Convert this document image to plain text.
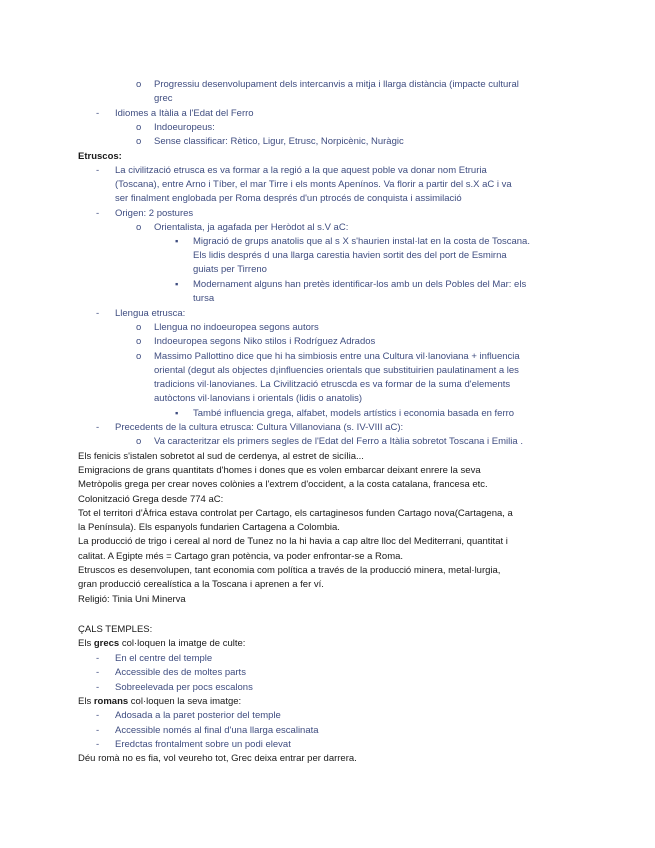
o Progressiu desenvolupament dels intercanvis a mitja i llarga distància (impacte cultural
grec
- Idiomes a Itàlia a l'Edat del Ferro
o Indoeuropeus:
o Sense classificar: Rètico, Ligur, Etrusc, Norpicènic, Nuràgic
Etruscos:
- La civilització etrusca es va formar a la regió a la que aquest poble va donar nom Etruria
(Toscana), entre Arno i Tíber, el mar Tirre i els monts Apenínos. Va florir a partir del s.X aC i va
ser finalment englobada per Roma després d'un ptrocés de conquista i assimilació
- Origen: 2 postures
o Orientalista, ja agafada per Heròdot al s.V aC:
▪ Migració de grups anatolis que al s X s'haurien instal·lat en la costa de Toscana.
Els lidis després d una llarga carestia havien sortit des del port de Esmirna
guiats per Tirreno
▪ Modernament alguns han pretès identificar-los amb un dels Pobles del Mar: els
tursa
- Llengua etrusca:
o Llengua no indoeuropea segons autors
o Indoeuropea segons Niko stilos i Rodríguez Adrados
o Massimo Pallottino dice que hi ha simbiosis entre una Cultura vil·lanoviana + influencia
oriental (degut als objectes d¡influencies orientals que substituirien paulatinament a les
tradicions vil·lanovianes. La Civilització etruscda es va formar de la suma d'elements
autòctons vil·lanovians i orientals (lidis o anatolis)
▪ També influencia grega, alfabet, models artístics i economia basada en ferro
- Precedents de la cultura etrusca: Cultura Villanoviana (s. IV-VIII aC):
o Va caracteritzar els primers segles de l'Edat del Ferro a Itàlia sobretot Toscana i Emilia .
Els fenicis s'istalen sobretot al sud de cerdenya, al estret de sicília...
Emigracions de grans quantitats d'homes i dones que es volen embarcar deixant enrere la seva
Metròpolis grega per crear noves colònies a l'extrem d'occident, a la costa catalana, francesa etc.
Colonització Grega desde 774 aC:
Tot el territori d'Àfrica estava controlat per Cartago, els cartaginesos funden Cartago nova(Cartagena, a
la Península). Els espanyols fundarien Cartagena a Colombia.
La producció de trigo i cereal al nord de Tunez no la hi havia a cap altre lloc del Mediterrani, quantitat i
calitat. A Egipte més = Cartago gran potència, va poder enfrontar-se a Roma.
Etruscos es desenvolupen, tant economia com política a través de la producció minera, metal·lurgia,
gran producció cerealística a la Toscana i aprenen a fer ví.
Religió: Tinia Uni Minerva
ÇALS TEMPLES:
Els grecs col·loquen la imatge de culte:
- En el centre del temple
- Accessible des de moltes parts
- Sobreelevada per pocs escalons
Els romans col·loquen la seva imatge:
- Adosada a la paret posterior del temple
- Accessible només al final d'una llarga escalinata
- Eredctas frontalment sobre un podi elevat
Déu romà no es fia, vol veureho tot, Grec deixa entrar per darrera.
